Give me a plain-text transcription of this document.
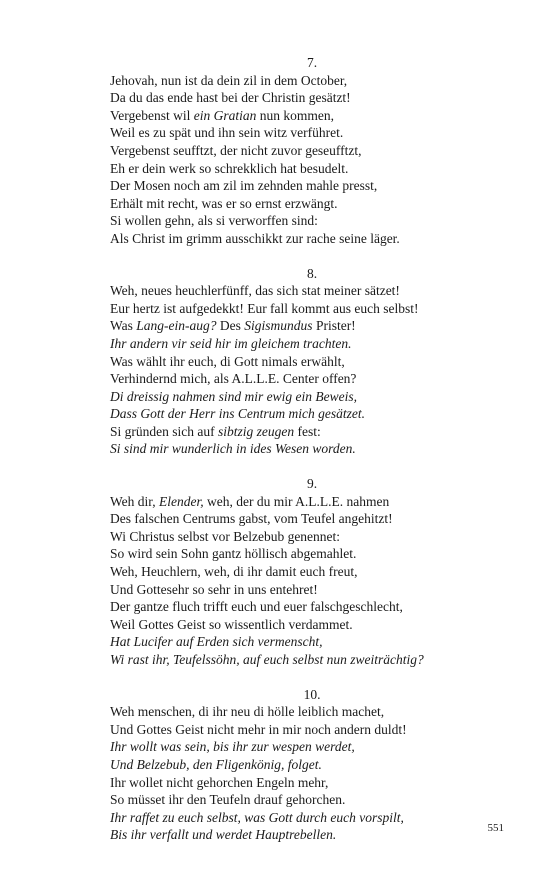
7.
Jehovah, nun ist da dein zil in dem October,
Da du das ende hast bei der Christin gesätzt!
Vergebenst wil ein Gratian nun kommen,
Weil es zu spät und ihn sein witz verführet.
Vergebenst seufftzt, der nicht zuvor geseufftzt,
Eh er dein werk so schrekklich hat besudelt.
Der Mosen noch am zil im zehnden mahle presst,
Erhält mit recht, was er so ernst erzwängt.
Si wollen gehn, als si verworffen sind:
Als Christ im grimm ausschikkt zur rache seine läger.
8.
Weh, neues heuchlerfünff, das sich stat meiner sätzet!
Eur hertz ist aufgedekkt! Eur fall kommt aus euch selbst!
Was Lang-ein-aug? Des Sigismundus Prister!
Ihr andern vir seid hir im gleichem trachten.
Was wählt ihr euch, di Gott nimals erwählt,
Verhindernd mich, als A.L.L.E. Center offen?
Di dreissig nahmen sind mir ewig ein Beweis,
Dass Gott der Herr ins Centrum mich gesätzet.
Si gründen sich auf sibtzig zeugen fest:
Si sind mir wunderlich in ides Wesen worden.
9.
Weh dir, Elender, weh, der du mir A.L.L.E. nahmen
Des falschen Centrums gabst, vom Teufel angehitzt!
Wi Christus selbst vor Belzebub genennet:
So wird sein Sohn gantz höllisch abgemahlet.
Weh, Heuchlern, weh, di ihr damit euch freut,
Und Gottesehr so sehr in uns entehret!
Der gantze fluch trifft euch und euer falschgeschlecht,
Weil Gottes Geist so wissentlich verdammet.
Hat Lucifer auf Erden sich vermenscht,
Wi rast ihr, Teufelssöhn, auf euch selbst nun zweiträchtig?
10.
Weh menschen, di ihr neu di hölle leiblich machet,
Und Gottes Geist nicht mehr in mir noch andern duldt!
Ihr wollt was sein, bis ihr zur wespen werdet,
Und Belzebub, den Fligenkönig, folget.
Ihr wollet nicht gehorchen Engeln mehr,
So müsset ihr den Teufeln drauf gehorchen.
Ihr raffet zu euch selbst, was Gott durch euch vorspilt,
Bis ihr verfallt und werdet Hauptrebellen.	551
